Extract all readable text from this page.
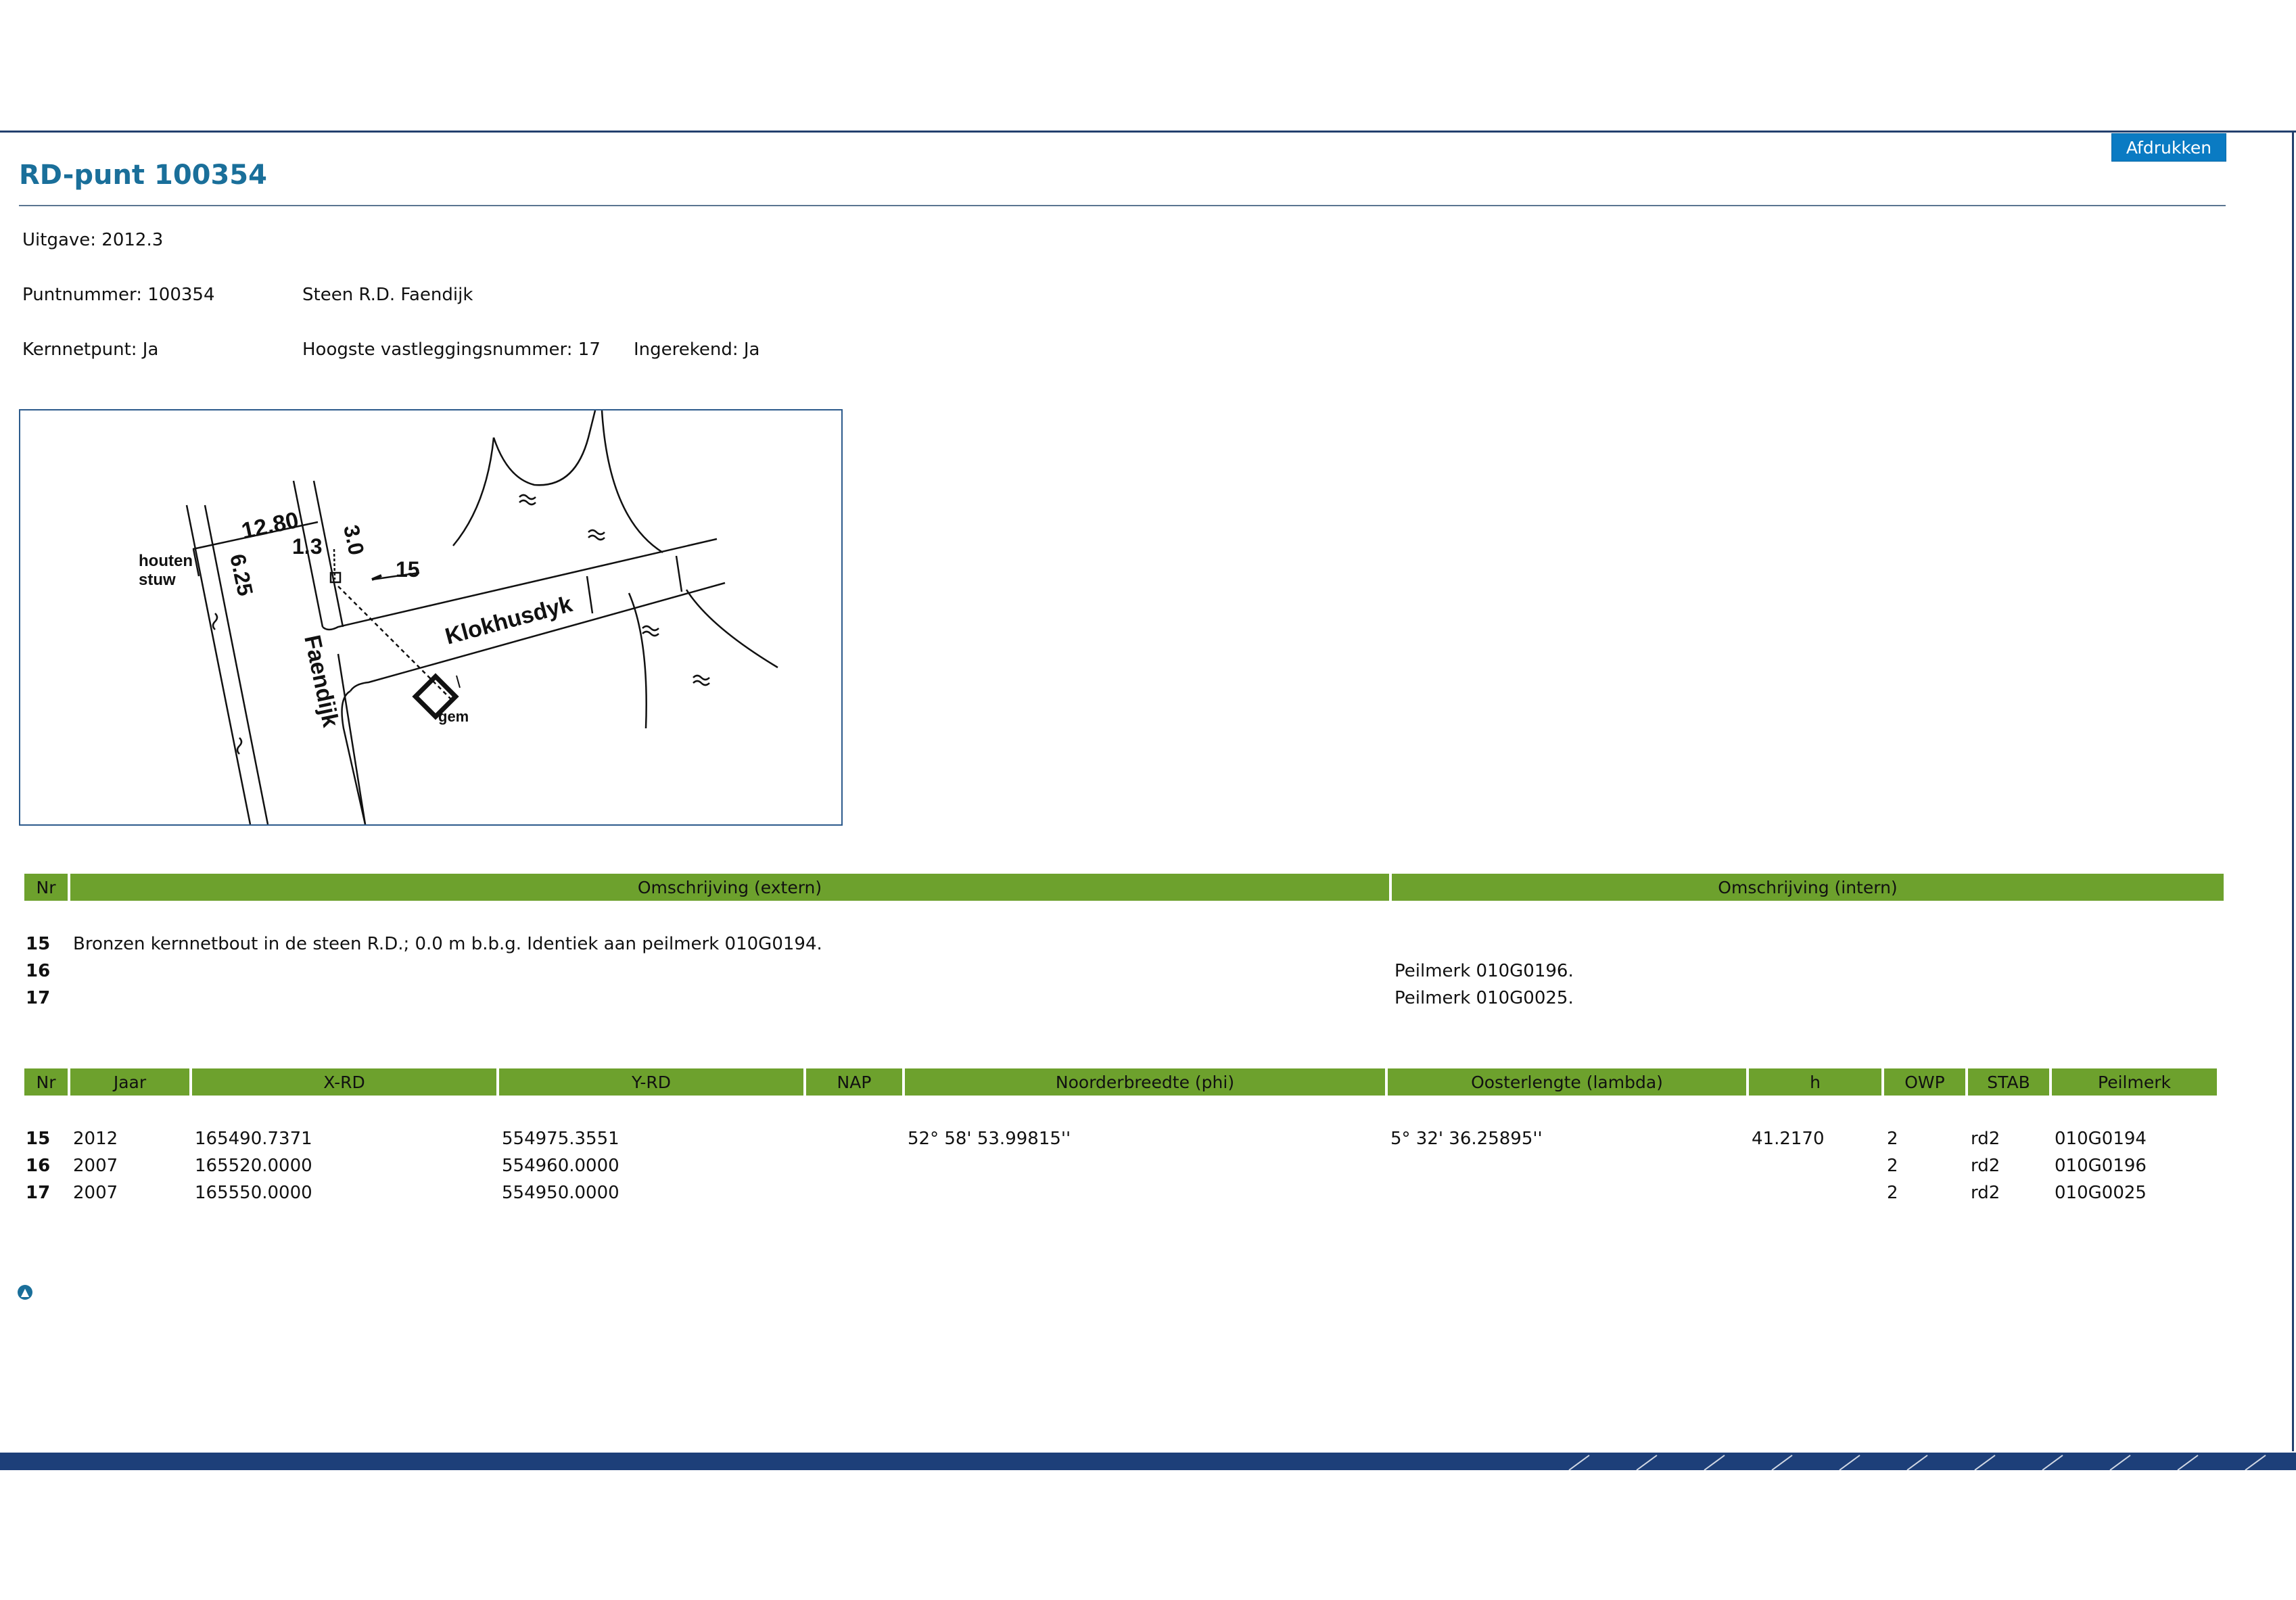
Afdrukken
RD-punt 100354
Uitgave: 2012.3
Puntnummer: 100354	Steen R.D. Faendijk
Kernnetpunt: Ja	Hoogste vastleggingsnummer: 17 Ingerekend: Ja
houten
stuw
12.80 3.0
1.3
6.25	15
Klokhusdyk
Faendijk	gem
Nr	Omschrijving (extern)	Omschrijving (intern)

15	Bronzen kernnetbout in de steen R.D.; 0.0 m b.b.g. Identiek aan peilmerk 010G0194.	
16		Peilmerk 010G0196.
17		Peilmerk 010G0025.
Nr	Jaar	X-RD	Y-RD	NAP	Noorderbreedte (phi)	Oosterlengte (lambda)	h	OWP	STAB	Peilmerk

15	2012	165490.7371	554975.3551		52° 58' 53.99815''	5° 32' 36.25895''	41.2170	2	rd2	010G0194
16	2007	165520.0000	554960.0000					2	rd2	010G0196
17	2007	165550.0000	554950.0000					2	rd2	010G0025
▲
